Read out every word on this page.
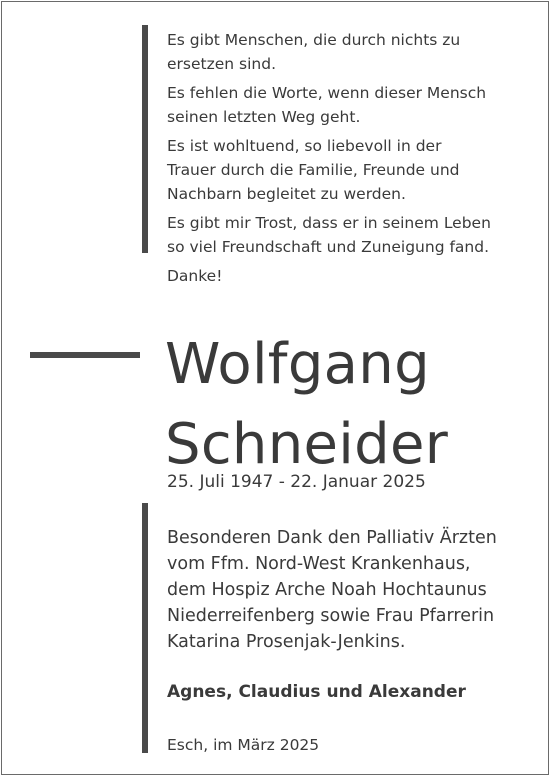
Es gibt Menschen, die durch nichts zu
ersetzen sind.

Es fehlen die Worte, wenn dieser Mensch
seinen letzten Weg geht.

Es ist wohltuend, so liebevoll in der
Trauer durch die Familie, Freunde und
Nachbarn begleitet zu werden.

Es gibt mir Trost, dass er in seinem Leben
so viel Freundschaft und Zuneigung fand.

Danke!

Wolfgang
Schneider
25. Juli 1947 - 22. Januar 2025
Besonderen Dank den Palliativ Ärzten
vom Ffm. Nord-West Krankenhaus,
dem Hospiz Arche Noah Hochtaunus
Niederreifenberg sowie Frau Pfarrerin
Katarina Prosenjak-Jenkins.
Agnes, Claudius und Alexander
Esch, im März 2025
